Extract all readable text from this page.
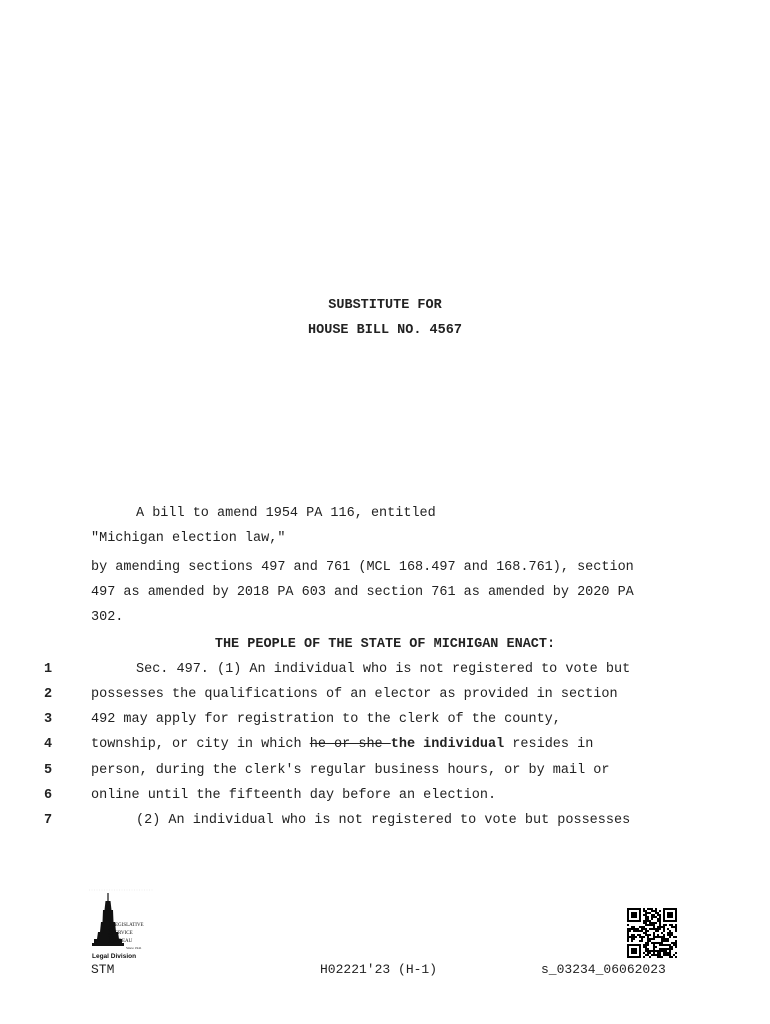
SUBSTITUTE FOR
HOUSE BILL NO. 4567
A bill to amend 1954 PA 116, entitled
"Michigan election law,"
by amending sections 497 and 761 (MCL 168.497 and 168.761), section
497 as amended by 2018 PA 603 and section 761 as amended by 2020 PA
302.
THE PEOPLE OF THE STATE OF MICHIGAN ENACT:
1
2
3
4
5
6
7
Sec. 497. (1) An individual who is not registered to vote but
possesses the qualifications of an elector as provided in section
492 may apply for registration to the clerk of the county,
township, or city in which he or she the individual resides in
person, during the clerk's regular business hours, or by mail or
online until the fifteenth day before an election.
(2) An individual who is not registered to vote but possesses
L
S
B
EGISLATIVE
ERVICE
UREAU
Since 1941
Legal Division
STM	H02221'23 (H-1)	s_03234_06062023
